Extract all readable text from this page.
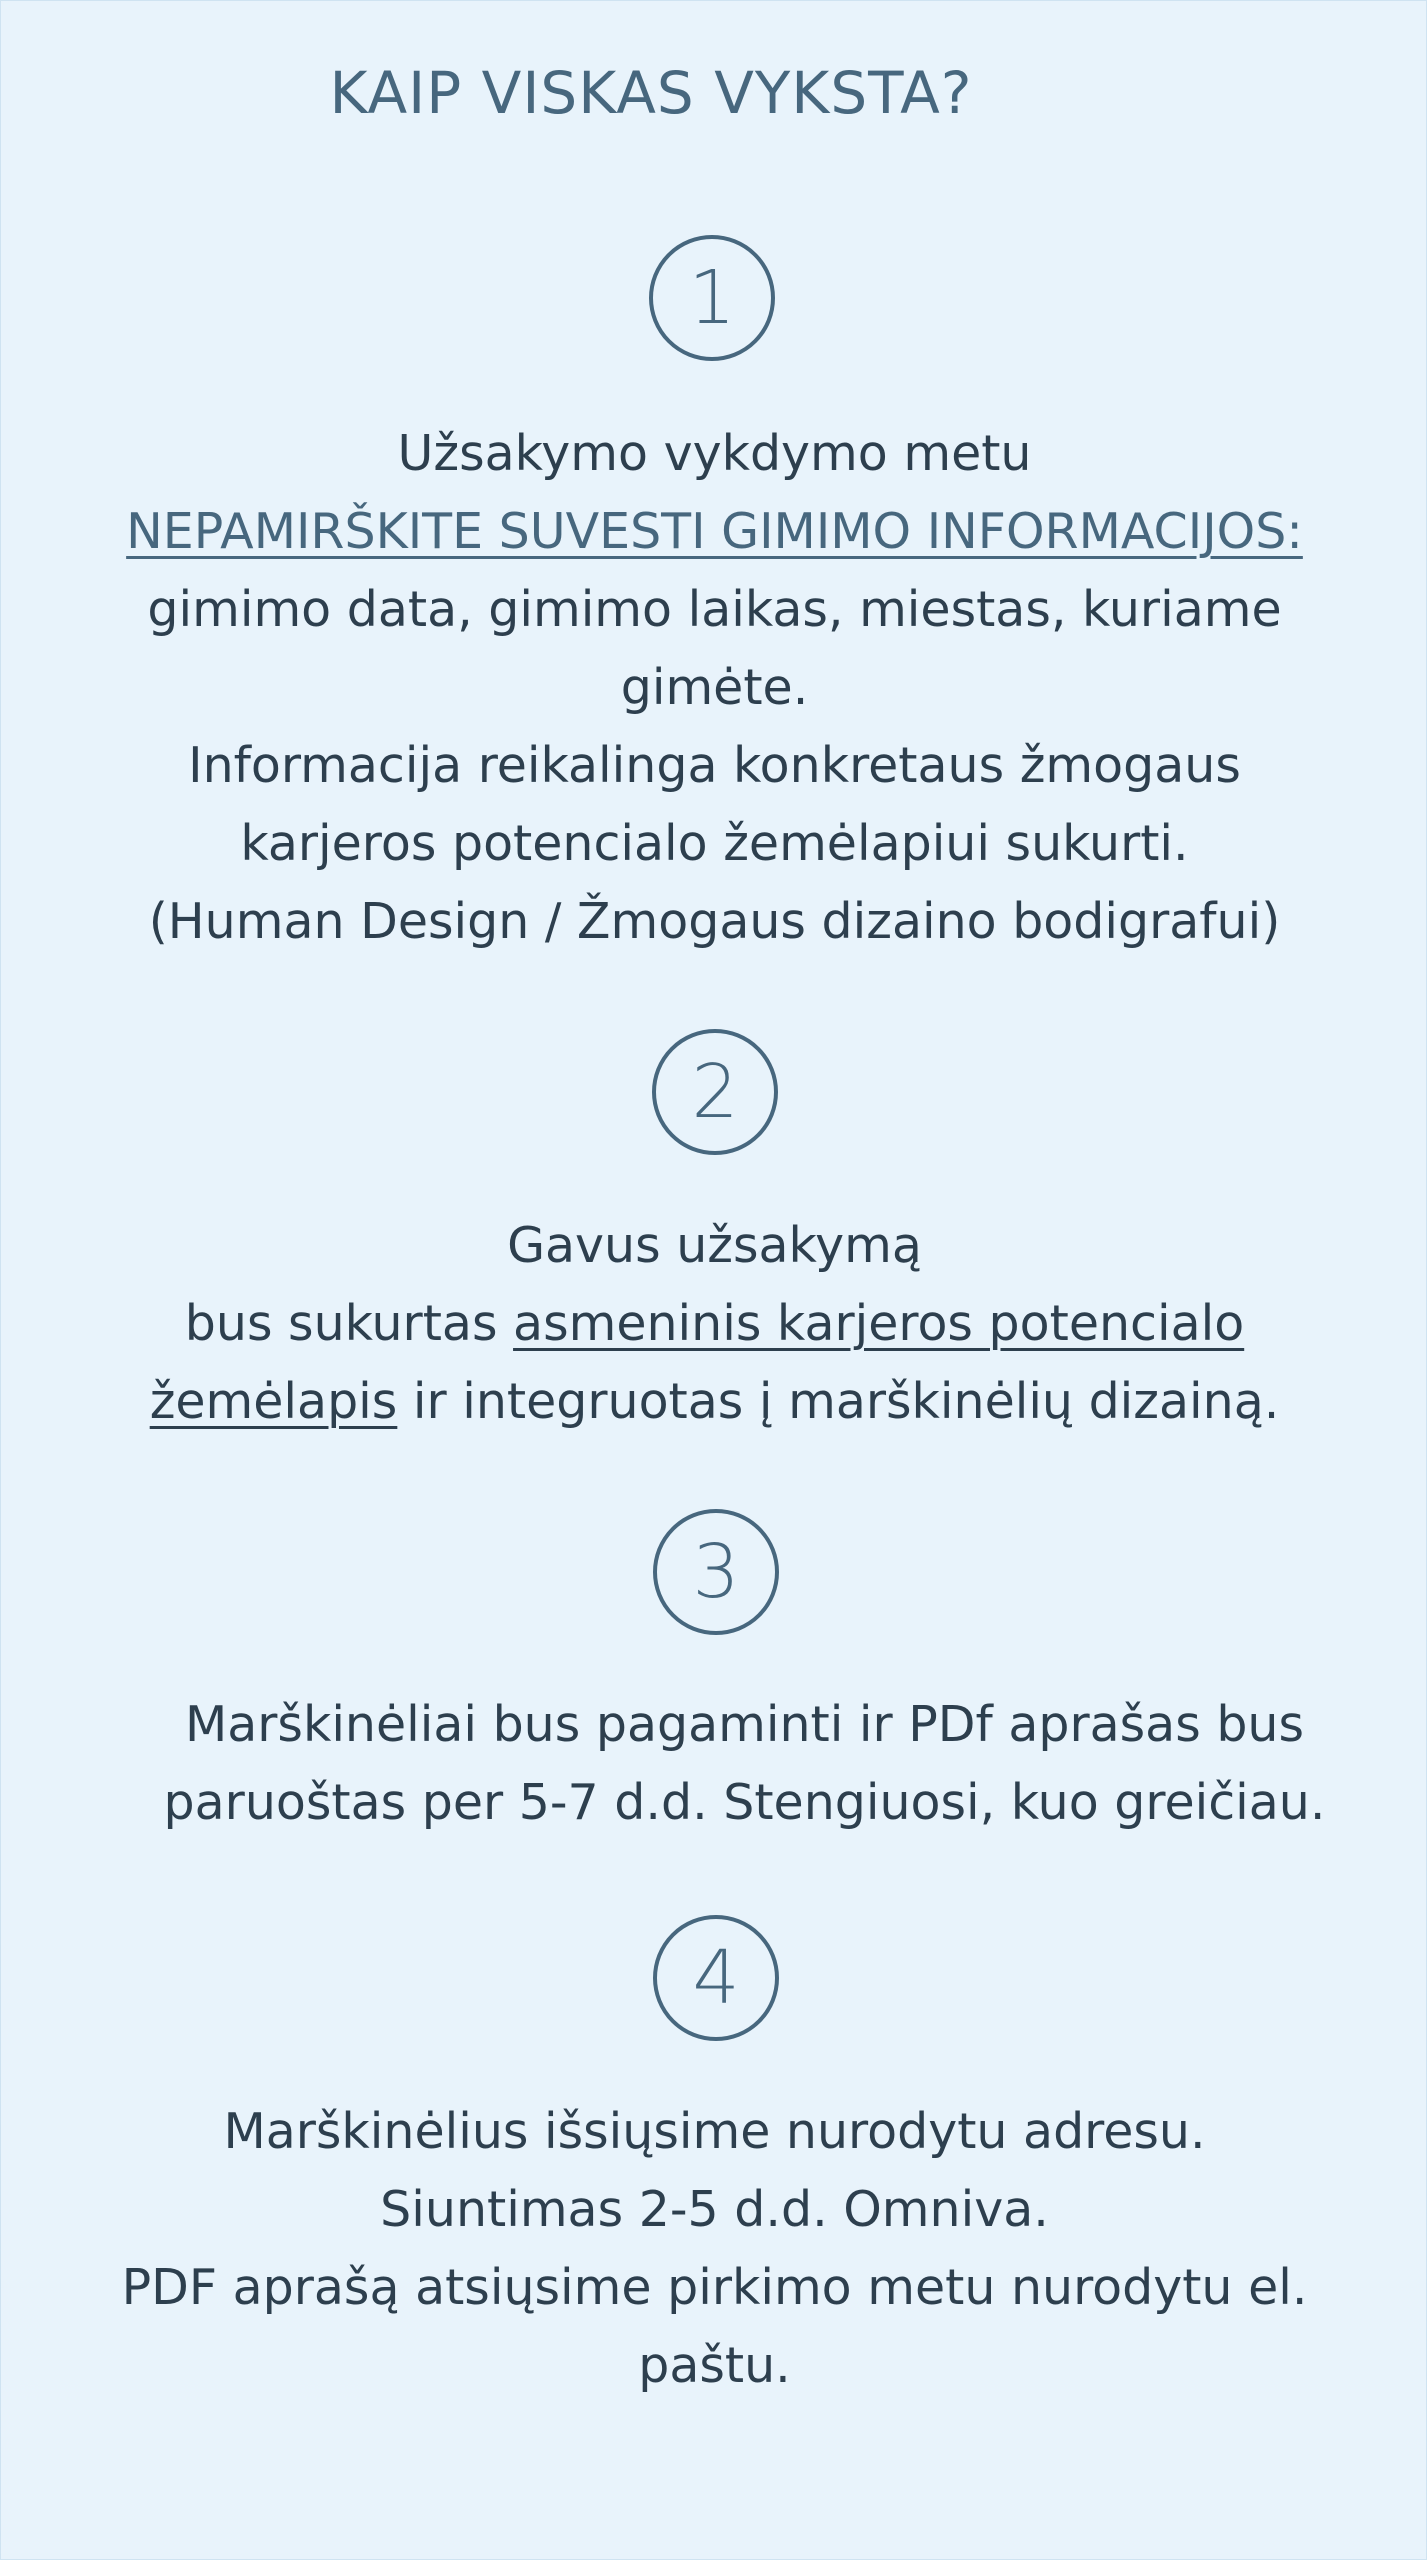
KAIP VISKAS VYKSTA?
1
Užsakymo vykdymo metu
NEPAMIRŠKITE SUVESTI GIMIMO INFORMACIJOS:
gimimo data, gimimo laikas, miestas, kuriame
gimėte.
Informacija reikalinga konkretaus žmogaus
karjeros potencialo žemėlapiui sukurti.
(Human Design / Žmogaus dizaino bodigrafui)
2
Gavus užsakymą
bus sukurtas asmeninis karjeros potencialo
žemėlapis ir integruotas į marškinėlių dizainą.
3
Marškinėliai bus pagaminti ir PDf aprašas bus
paruoštas per 5-7 d.d. Stengiuosi, kuo greičiau.
4
Marškinėlius išsiųsime nurodytu adresu.
Siuntimas 2-5 d.d. Omniva.
PDF aprašą atsiųsime pirkimo metu nurodytu el.
paštu.
